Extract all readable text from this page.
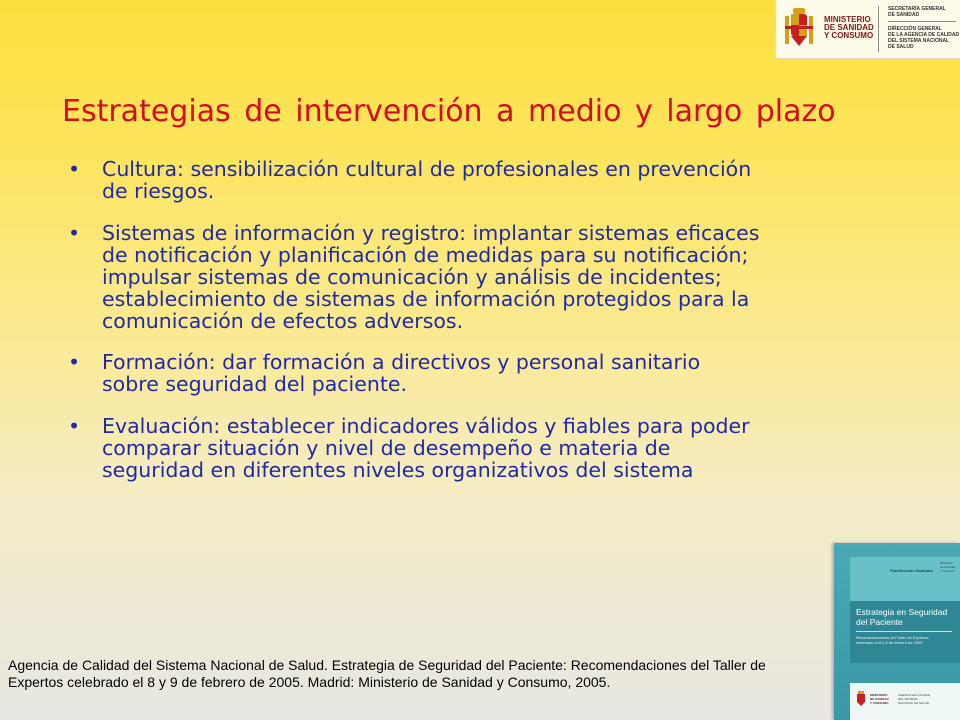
MINISTERIO
DE SANIDAD
Y CONSUMO
SECRETARÍA GENERAL
DE SANIDAD
DIRECCIÓN GENERAL
DE LA AGENCIA DE CALIDAD
DEL SISTEMA NACIONAL
DE SALUD
Estrategias de intervención a medio y largo plazo
• Cultura: sensibilización cultural de profesionales en prevención de riesgos.
• Sistemas de información y registro: implantar sistemas eficaces de notificación y planificación de medidas para su notificación; impulsar sistemas de comunicación y análisis de incidentes; establecimiento de sistemas de información protegidos para la comunicación de efectos adversos.
• Formación: dar formación a directivos y personal sanitario sobre seguridad del paciente.
• Evaluación: establecer indicadores válidos y fiables para poder comparar situación y nivel de desempeño e materia de seguridad en diferentes niveles organizativos del sistema

Agencia de Calidad del Sistema Nacional de Salud. Estrategia de Seguridad del Paciente: Recomendaciones del Taller de Expertos celebrado el 8 y 9 de febrero de 2005. Madrid: Ministerio de Sanidad y Consumo, 2005.

Planificación Sanitaria
Ministerio
de Sanidad
y Consumo

Estrategia en Seguridad
del Paciente

Recomendaciones del Taller de Expertos
celebrado el 8 y 9 de febrero de 2005
MINISTERIO
DE SANIDAD
Y CONSUMO
AGENCIA DE CALIDAD
DEL SISTEMA
NACIONAL DE SALUD
